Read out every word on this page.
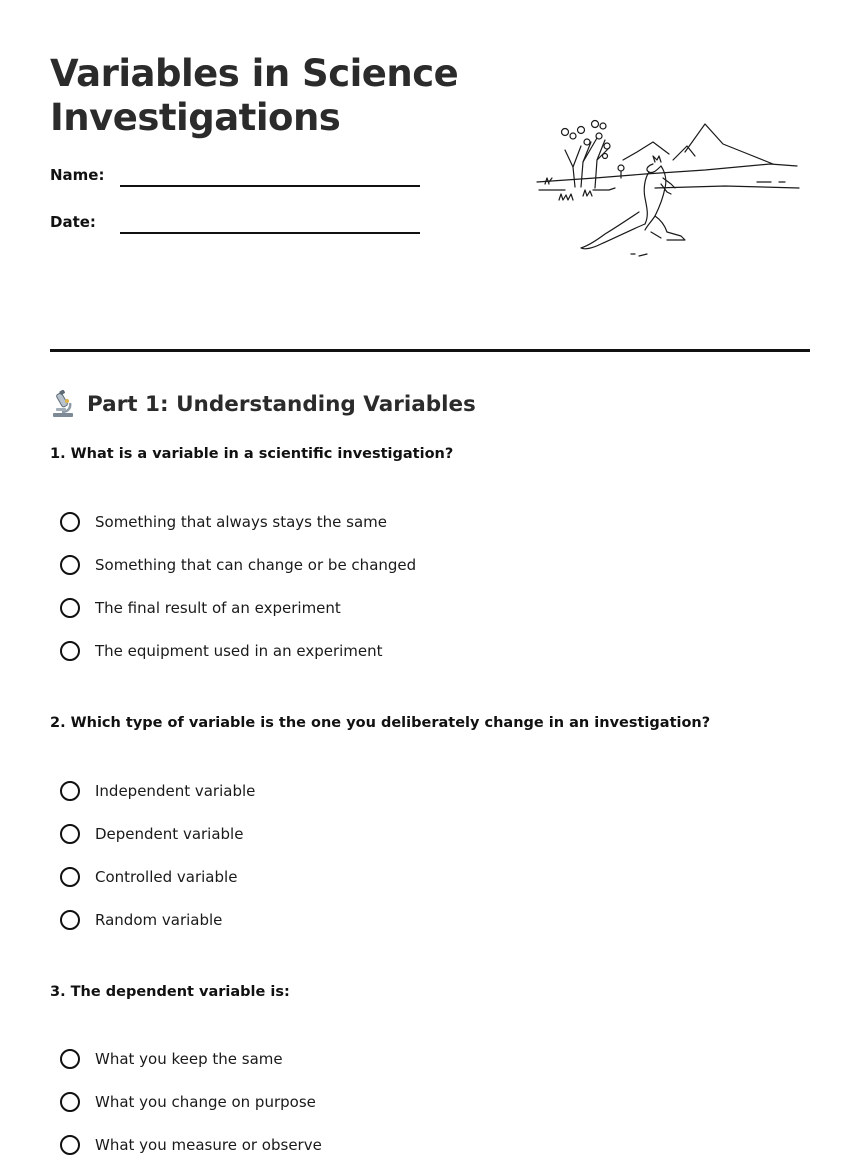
Variables in Science
Investigations
Name:
Date:
Part 1: Understanding Variables
1. What is a variable in a scientific investigation?
Something that always stays the same
Something that can change or be changed
The final result of an experiment
The equipment used in an experiment
2. Which type of variable is the one you deliberately change in an investigation?
Independent variable
Dependent variable
Controlled variable
Random variable
3. The dependent variable is:
What you keep the same
What you change on purpose
What you measure or observe
